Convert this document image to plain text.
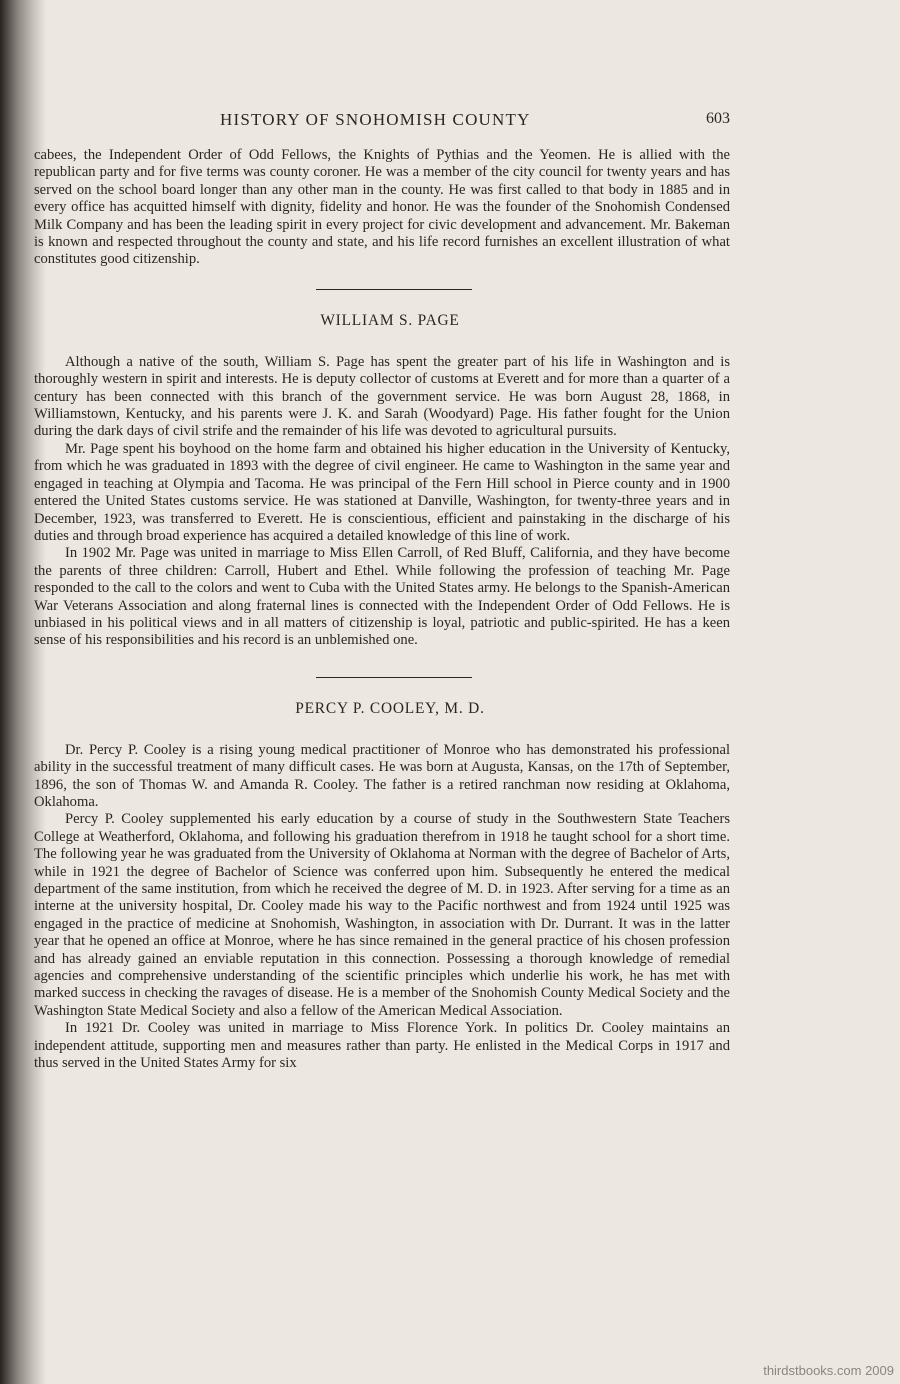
HISTORY OF SNOHOMISH COUNTY	603

cabees, the Independent Order of Odd Fellows, the Knights of Pythias and the Yeomen. He is allied with the republican party and for five terms was county coroner. He was a member of the city council for twenty years and has served on the school board longer than any other man in the county. He was first called to that body in 1885 and in every office has acquitted himself with dignity, fidelity and honor. He was the founder of the Snohomish Condensed Milk Company and has been the leading spirit in every project for civic development and advancement. Mr. Bakeman is known and respected throughout the county and state, and his life record furnishes an excellent illustration of what constitutes good citizenship.

WILLIAM S. PAGE

Although a native of the south, William S. Page has spent the greater part of his life in Washington and is thoroughly western in spirit and interests. He is deputy collector of customs at Everett and for more than a quarter of a century has been connected with this branch of the government service. He was born August 28, 1868, in Williamstown, Kentucky, and his parents were J. K. and Sarah (Woodyard) Page. His father fought for the Union during the dark days of civil strife and the remainder of his life was devoted to agricultural pursuits.

Mr. Page spent his boyhood on the home farm and obtained his higher education in the University of Kentucky, from which he was graduated in 1893 with the degree of civil engineer. He came to Washington in the same year and engaged in teaching at Olympia and Tacoma. He was principal of the Fern Hill school in Pierce county and in 1900 entered the United States customs service. He was stationed at Danville, Washington, for twenty-three years and in December, 1923, was transferred to Everett. He is conscientious, efficient and painstaking in the discharge of his duties and through broad experience has acquired a detailed knowledge of this line of work.

In 1902 Mr. Page was united in marriage to Miss Ellen Carroll, of Red Bluff, California, and they have become the parents of three children: Carroll, Hubert and Ethel. While following the profession of teaching Mr. Page responded to the call to the colors and went to Cuba with the United States army. He belongs to the Spanish-American War Veterans Association and along fraternal lines is connected with the Independent Order of Odd Fellows. He is unbiased in his political views and in all matters of citizenship is loyal, patriotic and public-spirited. He has a keen sense of his responsibilities and his record is an unblemished one.

PERCY P. COOLEY, M. D.

Dr. Percy P. Cooley is a rising young medical practitioner of Monroe who has demonstrated his professional ability in the successful treatment of many difficult cases. He was born at Augusta, Kansas, on the 17th of September, 1896, the son of Thomas W. and Amanda R. Cooley. The father is a retired ranchman now residing at Oklahoma, Oklahoma.

Percy P. Cooley supplemented his early education by a course of study in the Southwestern State Teachers College at Weatherford, Oklahoma, and following his graduation therefrom in 1918 he taught school for a short time. The following year he was graduated from the University of Oklahoma at Norman with the degree of Bachelor of Arts, while in 1921 the degree of Bachelor of Science was conferred upon him. Subsequently he entered the medical department of the same institution, from which he received the degree of M. D. in 1923. After serving for a time as an interne at the university hospital, Dr. Cooley made his way to the Pacific northwest and from 1924 until 1925 was engaged in the practice of medicine at Snohomish, Washington, in association with Dr. Durrant. It was in the latter year that he opened an office at Monroe, where he has since remained in the general practice of his chosen profession and has already gained an enviable reputation in this connection. Possessing a thorough knowledge of remedial agencies and comprehensive understanding of the scientific principles which underlie his work, he has met with marked success in checking the ravages of disease. He is a member of the Snohomish County Medical Society and the Washington State Medical Society and also a fellow of the American Medical Association.

In 1921 Dr. Cooley was united in marriage to Miss Florence York. In politics Dr. Cooley maintains an independent attitude, supporting men and measures rather than party. He enlisted in the Medical Corps in 1917 and thus served in the United States Army for six

thirdstbooks.com 2009
